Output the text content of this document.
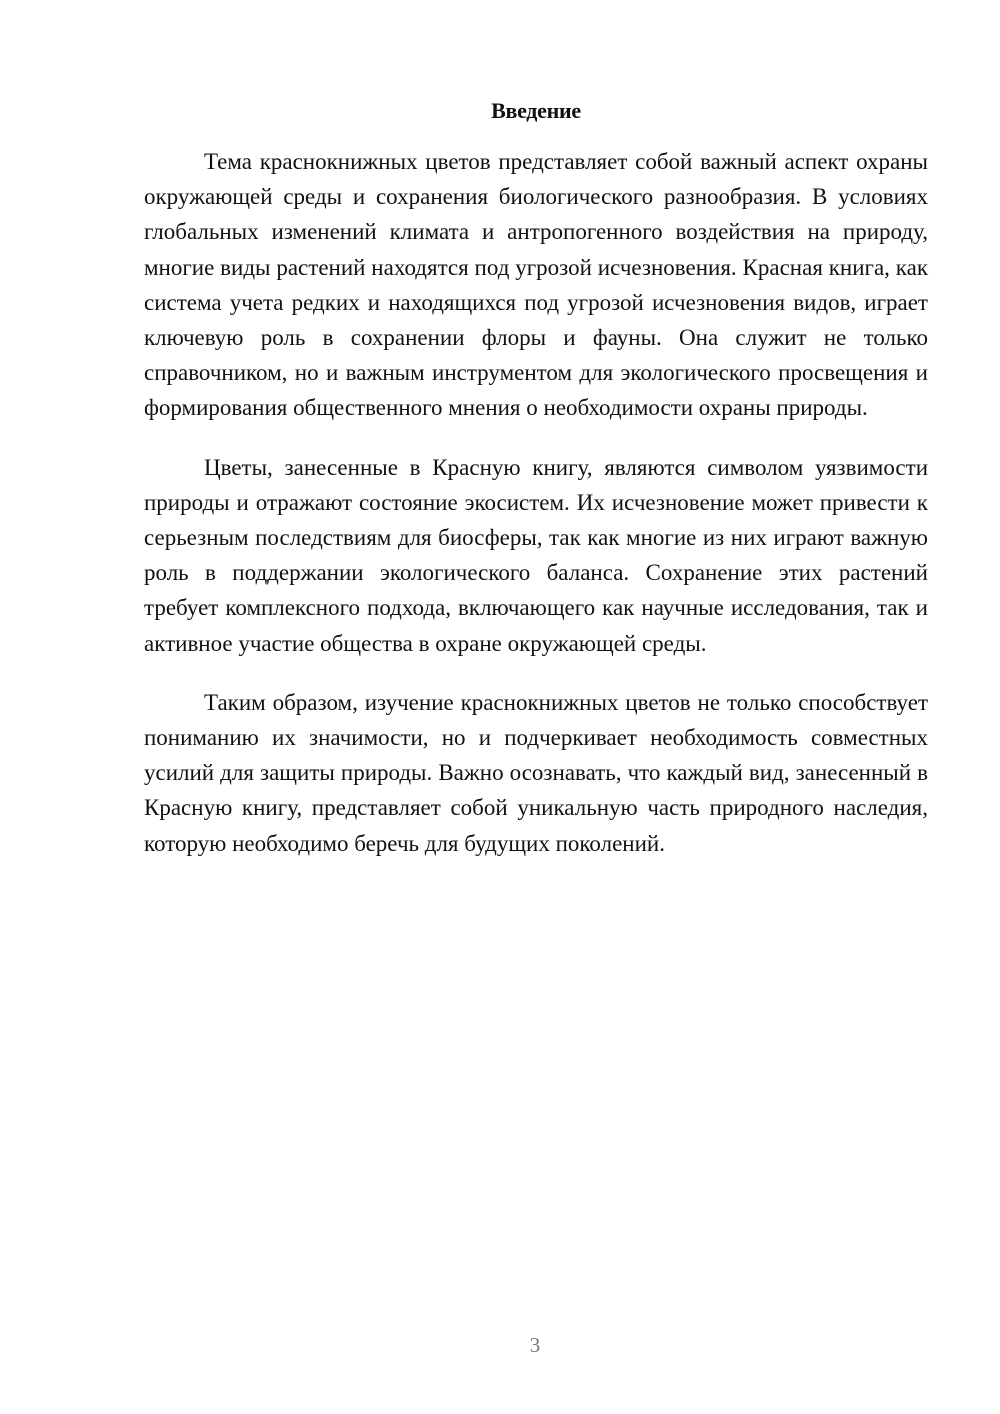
Введение

Тема краснокнижных цветов представляет собой важный аспект охраны окружающей среды и сохранения биологического разнообразия. В условиях глобальных изменений климата и антропогенного воздействия на природу, многие виды растений находятся под угрозой исчезновения. Красная книга, как система учета редких и находящихся под угрозой исчезновения видов, играет ключевую роль в сохранении флоры и фауны. Она служит не только справочником, но и важным инструментом для экологического просвещения и формирования общественного мнения о необходимости охраны природы.

Цветы, занесенные в Красную книгу, являются символом уязвимости природы и отражают состояние экосистем. Их исчезновение может привести к серьезным последствиям для биосферы, так как многие из них играют важную роль в поддержании экологического баланса. Сохранение этих растений требует комплексного подхода, включающего как научные исследования, так и активное участие общества в охране окружающей среды.

Таким образом, изучение краснокнижных цветов не только способствует пониманию их значимости, но и подчеркивает необходимость совместных усилий для защиты природы. Важно осознавать, что каждый вид, занесенный в Красную книгу, представляет собой уникальную часть природного наследия, которую необходимо беречь для будущих поколений.

3
